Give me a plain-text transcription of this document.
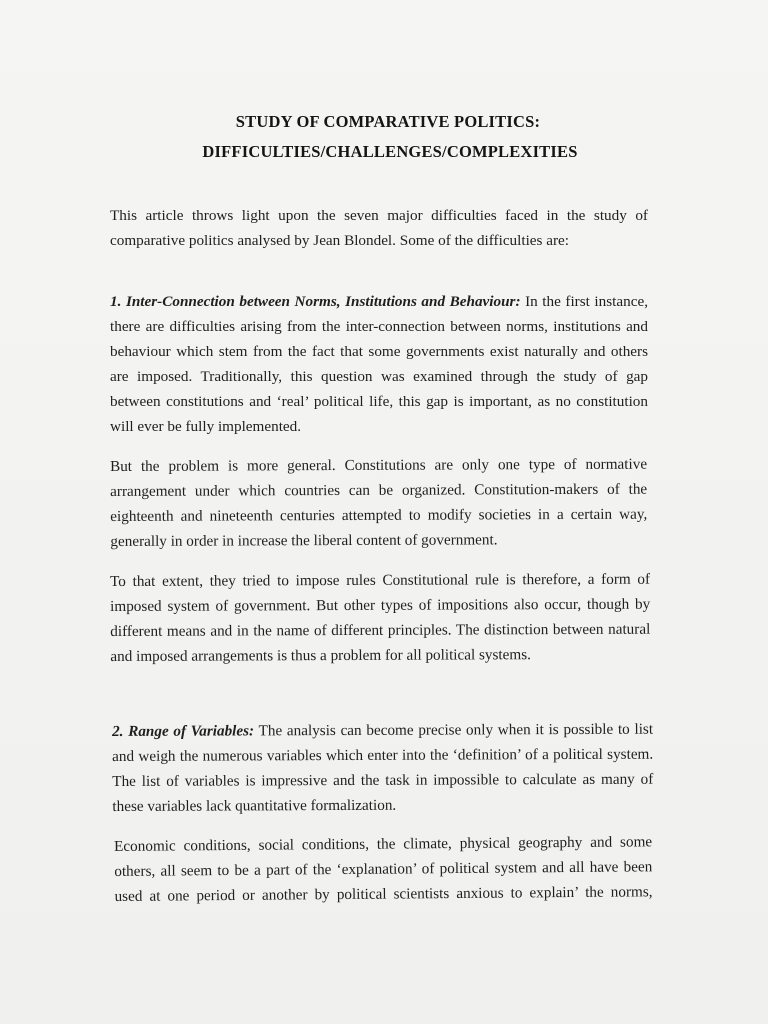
STUDY OF COMPARATIVE POLITICS:
DIFFICULTIES/CHALLENGES/COMPLEXITIES
This article throws light upon the seven major difficulties faced in the study of
comparative politics analysed by Jean Blondel. Some of the difficulties are:
1. Inter-Connection between Norms, Institutions and Behaviour: In the first instance,
there are difficulties arising from the inter-connection between norms, institutions and
behaviour which stem from the fact that some governments exist naturally and others
are imposed. Traditionally, this question was examined through the study of gap
between constitutions and ‘real’ political life, this gap is important, as no constitution
will ever be fully implemented.
But the problem is more general. Constitutions are only one type of normative
arrangement under which countries can be organized. Constitution-makers of the
eighteenth and nineteenth centuries attempted to modify societies in a certain way,
generally in order in increase the liberal content of government.
To that extent, they tried to impose rules Constitutional rule is therefore, a form of
imposed system of government. But other types of impositions also occur, though by
different means and in the name of different principles. The distinction between natural
and imposed arrangements is thus a problem for all political systems.
2. Range of Variables: The analysis can become precise only when it is possible to list
and weigh the numerous variables which enter into the ‘definition’ of a political system.
The list of variables is impressive and the task in impossible to calculate as many of
these variables lack quantitative formalization.
Economic conditions, social conditions, the climate, physical geography and some
others, all seem to be a part of the ‘explanation’ of political system and all have been
used at one period or another by political scientists anxious to explain’ the norms,
